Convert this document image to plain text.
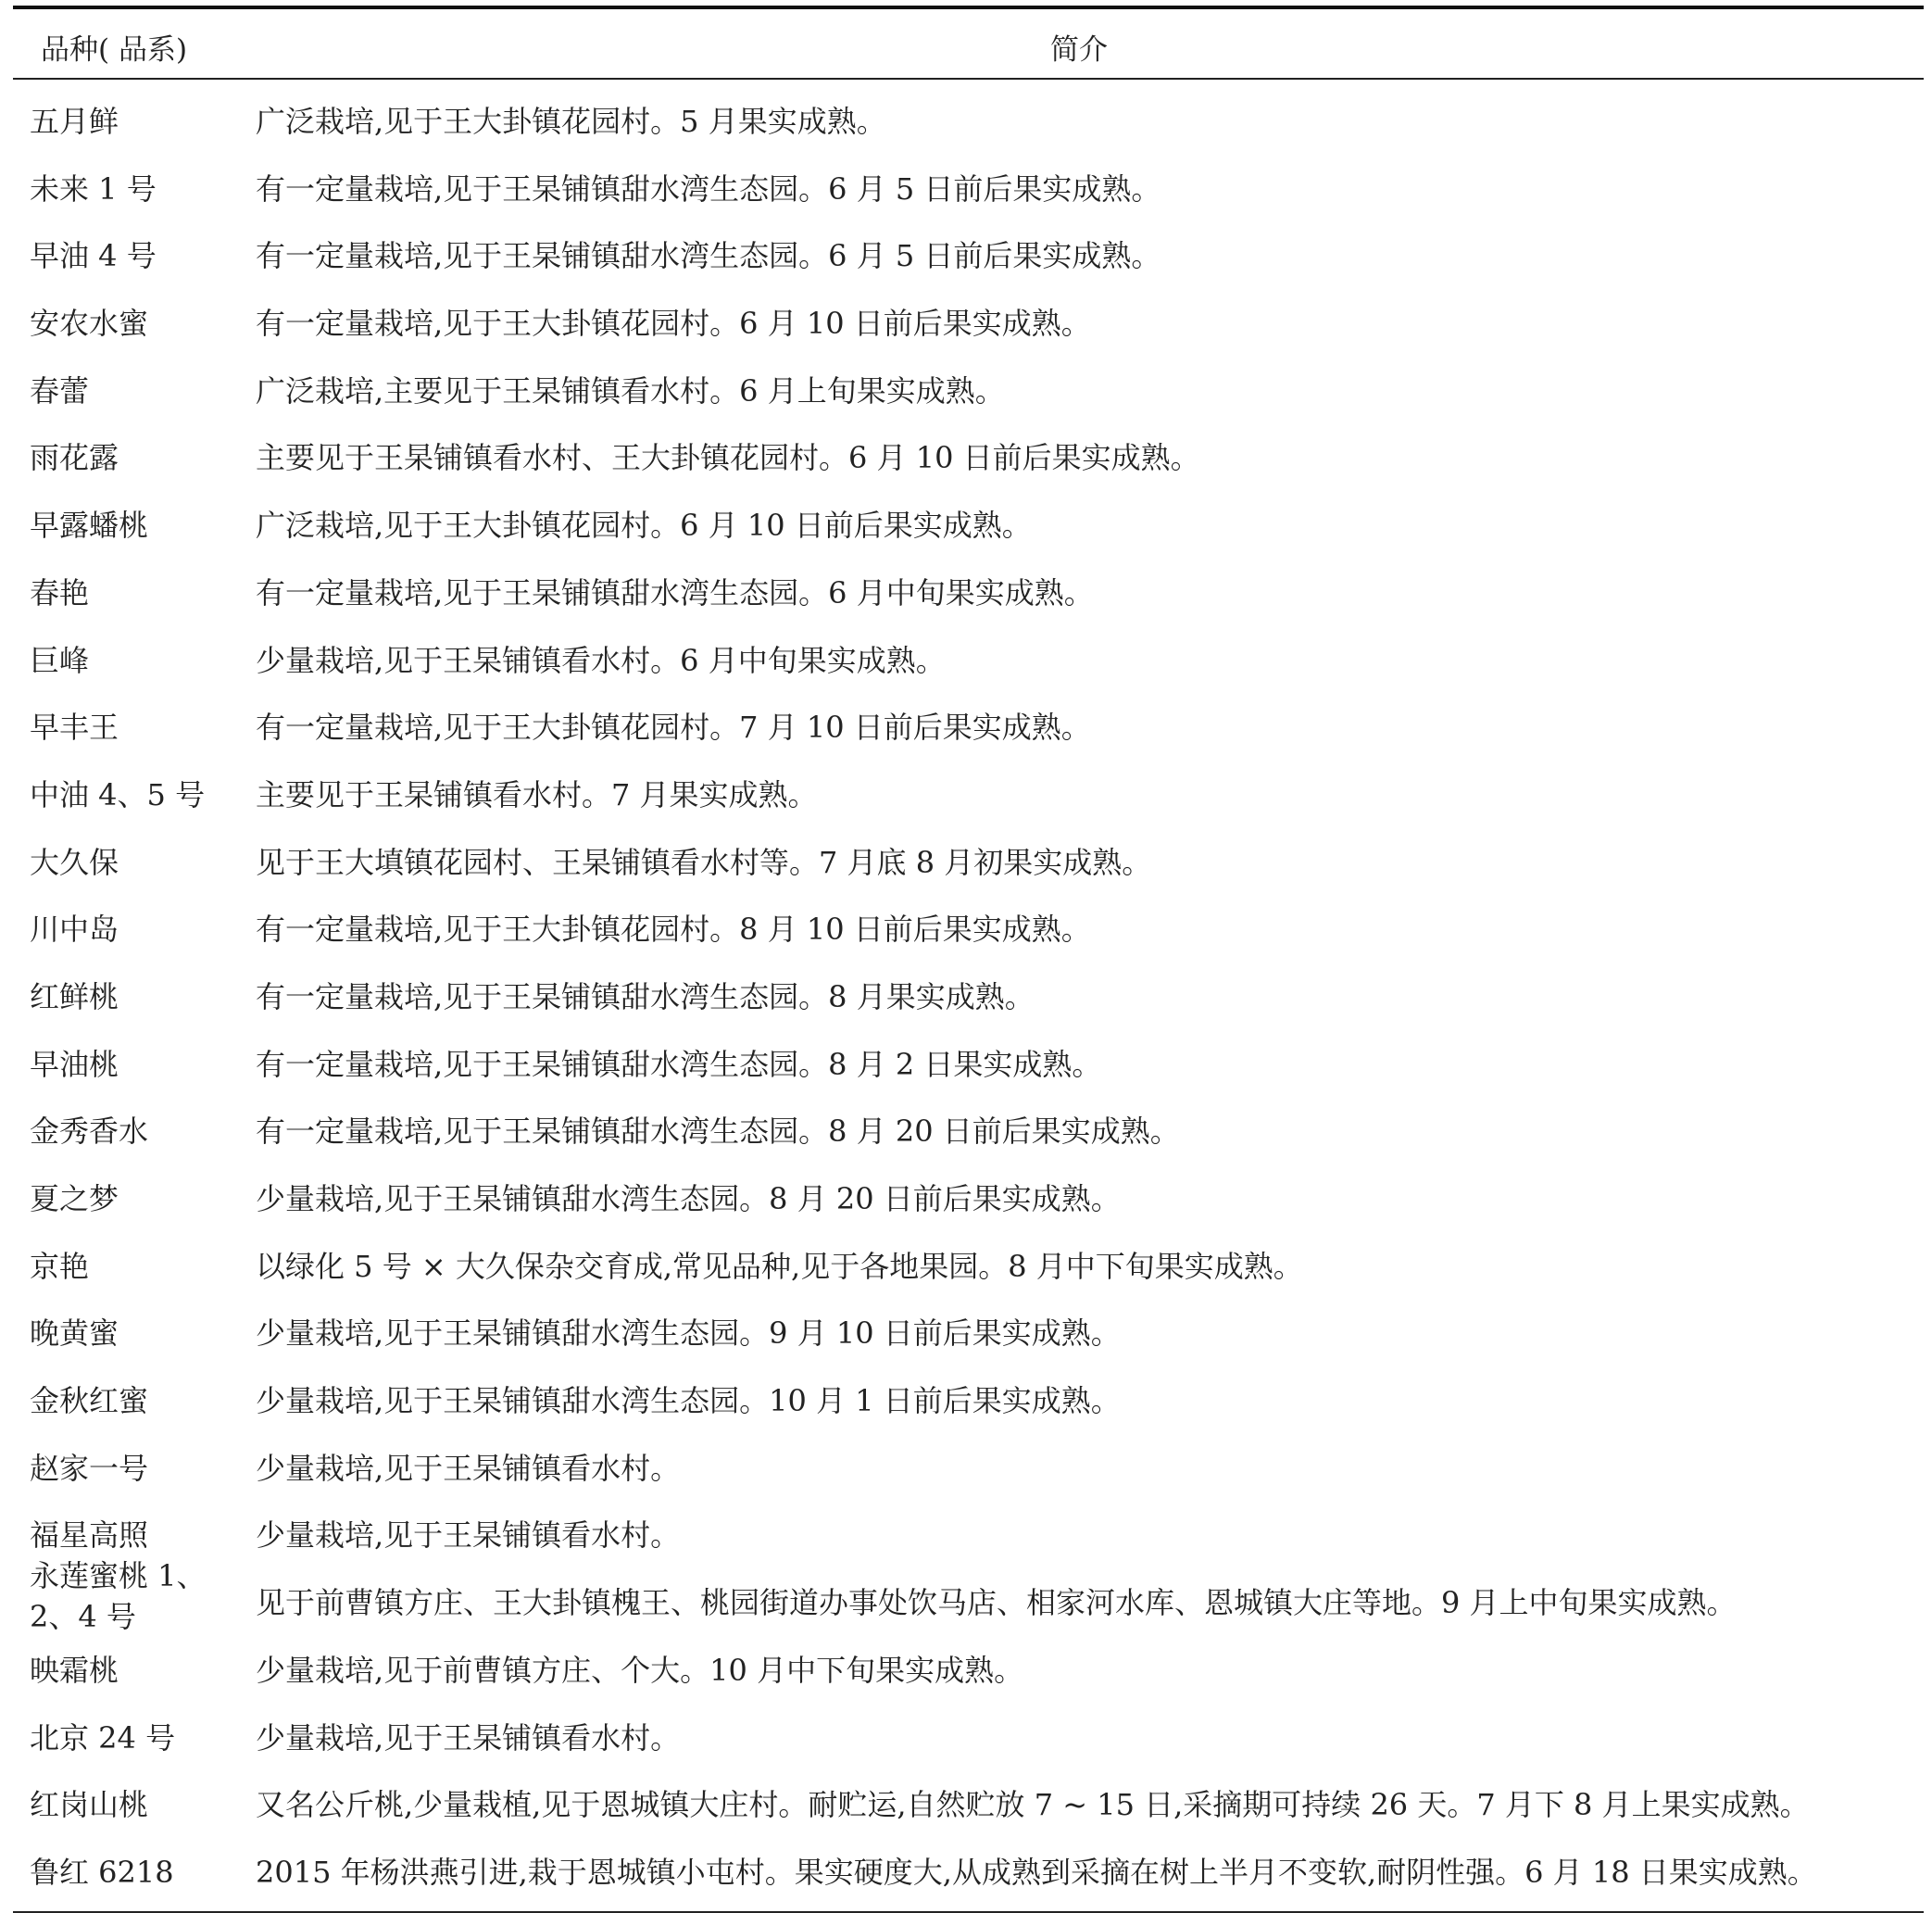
品种( 品系)	简介
五月鲜	广泛栽培,见于王大卦镇花园村。5 月果实成熟。
未来 1 号	有一定量栽培,见于王杲铺镇甜水湾生态园。6 月 5 日前后果实成熟。
早油 4 号	有一定量栽培,见于王杲铺镇甜水湾生态园。6 月 5 日前后果实成熟。
安农水蜜	有一定量栽培,见于王大卦镇花园村。6 月 10 日前后果实成熟。
春蕾	广泛栽培,主要见于王杲铺镇看水村。6 月上旬果实成熟。
雨花露	主要见于王杲铺镇看水村、王大卦镇花园村。6 月 10 日前后果实成熟。
早露蟠桃	广泛栽培,见于王大卦镇花园村。6 月 10 日前后果实成熟。
春艳	有一定量栽培,见于王杲铺镇甜水湾生态园。6 月中旬果实成熟。
巨峰	少量栽培,见于王杲铺镇看水村。6 月中旬果实成熟。
早丰王	有一定量栽培,见于王大卦镇花园村。7 月 10 日前后果实成熟。
中油 4、5 号	主要见于王杲铺镇看水村。7 月果实成熟。
大久保	见于王大填镇花园村、王杲铺镇看水村等。7 月底 8 月初果实成熟。
川中岛	有一定量栽培,见于王大卦镇花园村。8 月 10 日前后果实成熟。
红鲜桃	有一定量栽培,见于王杲铺镇甜水湾生态园。8 月果实成熟。
早油桃	有一定量栽培,见于王杲铺镇甜水湾生态园。8 月 2 日果实成熟。
金秀香水	有一定量栽培,见于王杲铺镇甜水湾生态园。8 月 20 日前后果实成熟。
夏之梦	少量栽培,见于王杲铺镇甜水湾生态园。8 月 20 日前后果实成熟。
京艳	以绿化 5 号 × 大久保杂交育成,常见品种,见于各地果园。8 月中下旬果实成熟。
晚黄蜜	少量栽培,见于王杲铺镇甜水湾生态园。9 月 10 日前后果实成熟。
金秋红蜜	少量栽培,见于王杲铺镇甜水湾生态园。10 月 1 日前后果实成熟。
赵家一号	少量栽培,见于王杲铺镇看水村。
福星高照	少量栽培,见于王杲铺镇看水村。
永莲蜜桃 1、2、4 号	见于前曹镇方庄、王大卦镇槐王、桃园街道办事处饮马店、相家河水库、恩城镇大庄等地。9 月上中旬果实成熟。
映霜桃	少量栽培,见于前曹镇方庄、个大。10 月中下旬果实成熟。
北京 24 号	少量栽培,见于王杲铺镇看水村。
红岗山桃	又名公斤桃,少量栽植,见于恩城镇大庄村。耐贮运,自然贮放 7 ~ 15 日,采摘期可持续 26 天。7 月下 8 月上果实成熟。
鲁红 6218	2015 年杨洪燕引进,栽于恩城镇小屯村。果实硬度大,从成熟到采摘在树上半月不变软,耐阴性强。6 月 18 日果实成熟。
